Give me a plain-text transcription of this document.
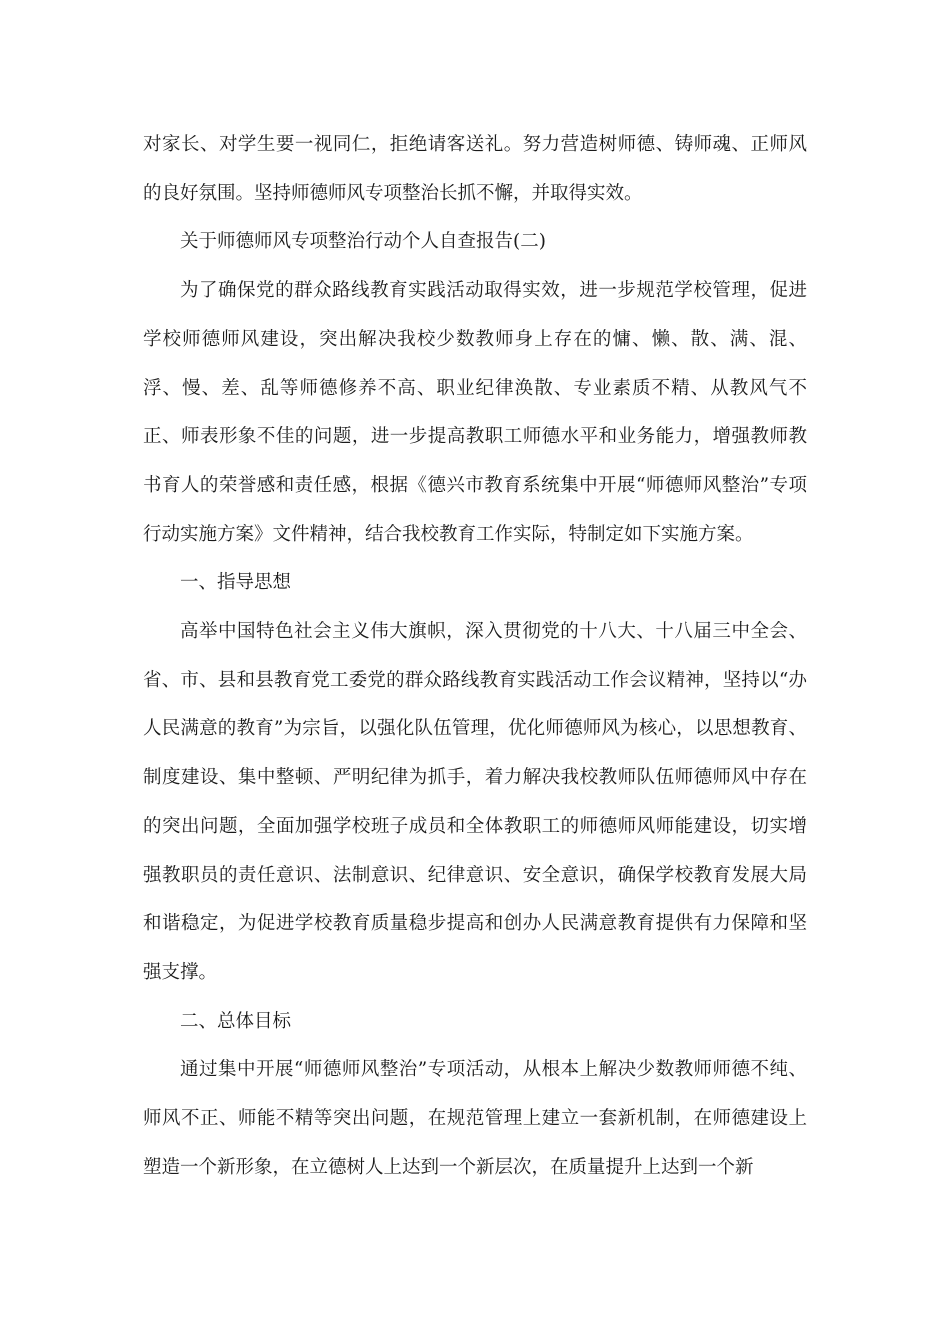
对家长、对学生要一视同仁，拒绝请客送礼。努力营造树师德、铸师魂、正师风的良好氛围。坚持师德师风专项整治长抓不懈，并取得实效。

关于师德师风专项整治行动个人自查报告(二)

为了确保党的群众路线教育实践活动取得实效，进一步规范学校管理，促进学校师德师风建设，突出解决我校少数教师身上存在的慵、懒、散、满、混、浮、慢、差、乱等师德修养不高、职业纪律涣散、专业素质不精、从教风气不正、师表形象不佳的问题，进一步提高教职工师德水平和业务能力，增强教师教书育人的荣誉感和责任感，根据《德兴市教育系统集中开展“师德师风整治”专项行动实施方案》文件精神，结合我校教育工作实际，特制定如下实施方案。

一、指导思想

高举中国特色社会主义伟大旗帜，深入贯彻党的十八大、十八届三中全会、省、市、县和县教育党工委党的群众路线教育实践活动工作会议精神，坚持以“办人民满意的教育”为宗旨，以强化队伍管理，优化师德师风为核心，以思想教育、制度建设、集中整顿、严明纪律为抓手，着力解决我校教师队伍师德师风中存在的突出问题，全面加强学校班子成员和全体教职工的师德师风师能建设，切实增强教职员的责任意识、法制意识、纪律意识、安全意识，确保学校教育发展大局和谐稳定，为促进学校教育质量稳步提高和创办人民满意教育提供有力保障和坚强支撑。

二、总体目标

通过集中开展“师德师风整治”专项活动，从根本上解决少数教师师德不纯、师风不正、师能不精等突出问题，在规范管理上建立一套新机制，在师德建设上塑造一个新形象，在立德树人上达到一个新层次，在质量提升上达到一个新
